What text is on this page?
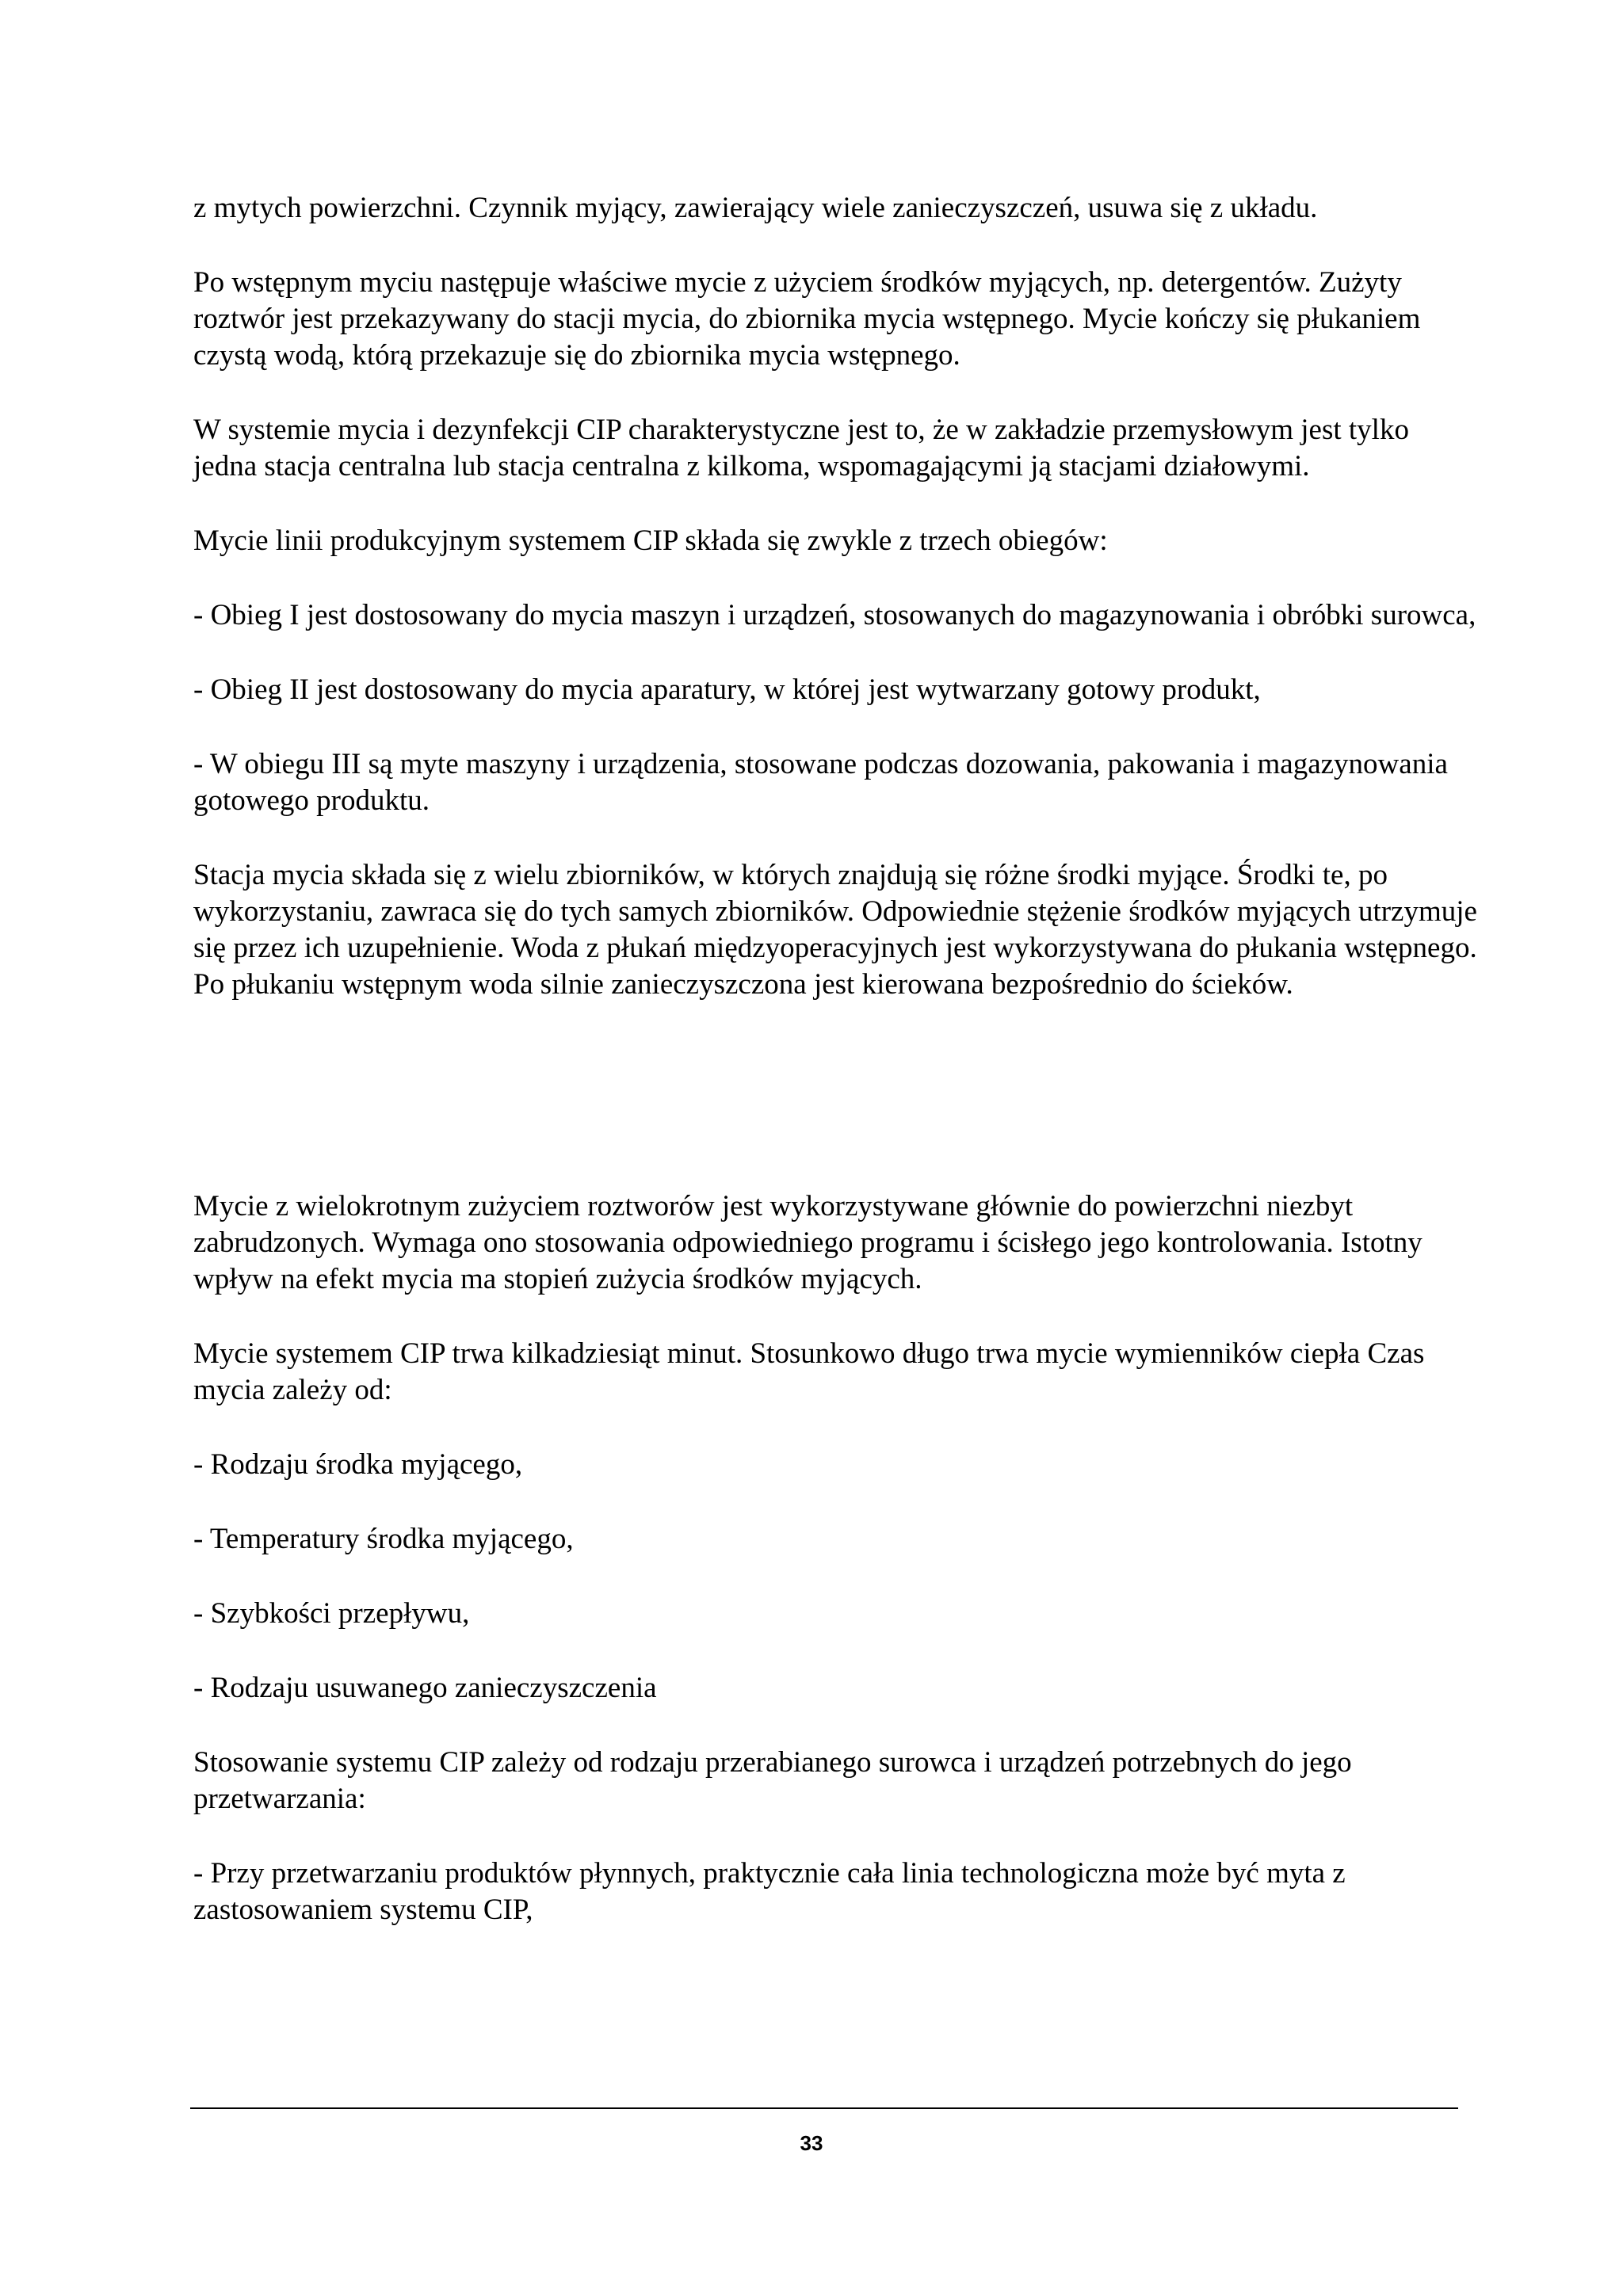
z mytych powierzchni. Czynnik myjący, zawierający wiele zanieczyszczeń, usuwa się z układu.

Po wstępnym myciu następuje właściwe mycie z użyciem środków myjących, np. detergentów. Zużyty roztwór jest przekazywany do stacji mycia, do zbiornika mycia wstępnego. Mycie kończy się płukaniem czystą wodą, którą przekazuje się do zbiornika mycia wstępnego.

W systemie mycia i dezynfekcji CIP charakterystyczne jest to, że w zakładzie przemysłowym jest tylko jedna stacja centralna lub stacja centralna z kilkoma, wspomagającymi ją stacjami działowymi.

Mycie linii produkcyjnym systemem CIP składa się zwykle z trzech obiegów:

- Obieg I jest dostosowany do mycia maszyn i urządzeń, stosowanych do magazynowania i obróbki surowca,

- Obieg II jest dostosowany do mycia aparatury, w której jest wytwarzany gotowy produkt,

- W obiegu III są myte maszyny i urządzenia, stosowane podczas dozowania, pakowania i magazynowania gotowego produktu.

Stacja mycia składa się z wielu zbiorników, w których znajdują się różne środki myjące. Środki te, po wykorzystaniu, zawraca się do tych samych zbiorników. Odpowiednie stężenie środków myjących utrzymuje się przez ich uzupełnienie. Woda z płukań międzyoperacyjnych jest wykorzystywana do płukania wstępnego. Po płukaniu wstępnym woda silnie zanieczyszczona jest kierowana bezpośrednio do ścieków.

Mycie z wielokrotnym zużyciem roztworów jest wykorzystywane głównie do powierzchni niezbyt zabrudzonych. Wymaga ono stosowania odpowiedniego programu i ścisłego jego kontrolowania. Istotny wpływ na efekt mycia ma stopień zużycia środków myjących.

Mycie systemem CIP trwa kilkadziesiąt minut. Stosunkowo długo trwa mycie wymienników ciepła Czas mycia zależy od:

- Rodzaju środka myjącego,

- Temperatury środka myjącego,

- Szybkości przepływu,

- Rodzaju usuwanego zanieczyszczenia

Stosowanie systemu CIP zależy od rodzaju przerabianego surowca i urządzeń potrzebnych do jego przetwarzania:

- Przy przetwarzaniu produktów płynnych, praktycznie cała linia technologiczna może być myta z zastosowaniem systemu CIP,

33
